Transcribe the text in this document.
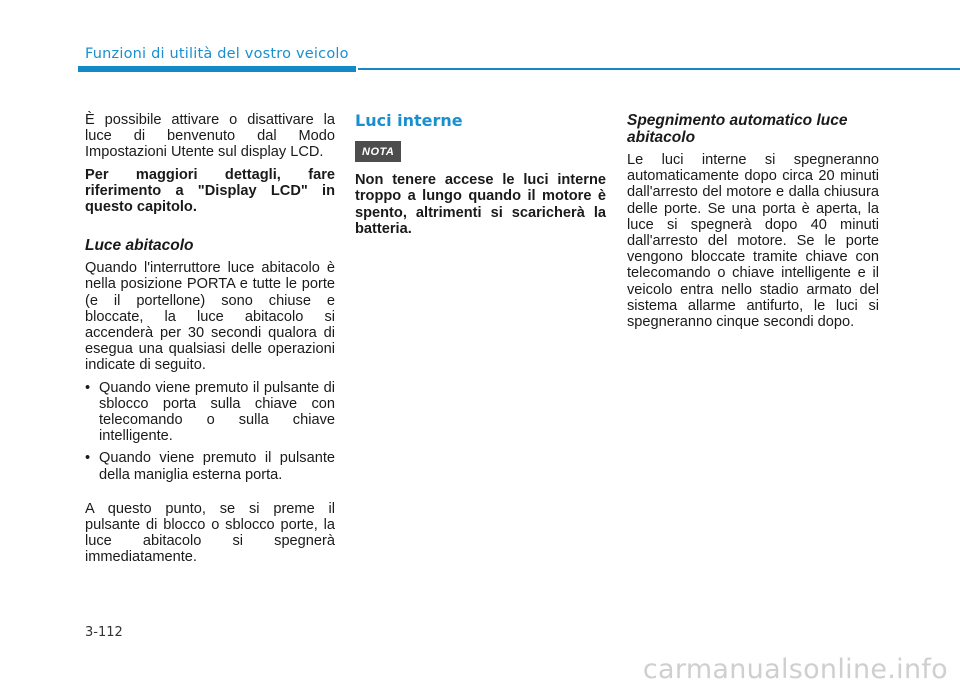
Funzioni di utilità del vostro veicolo

È possibile attivare o disattivare la luce di benvenuto dal Modo Impostazioni Utente sul display LCD.

Per maggiori dettagli, fare riferimento a "Display LCD" in questo capitolo.

Luce abitacolo

Quando l'interruttore luce abitacolo è nella posizione PORTA e tutte le porte (e il portellone) sono chiuse e bloccate, la luce abitacolo si accenderà per 30 secondi qualora di esegua una qualsiasi delle operazioni indicate di seguito.

• Quando viene premuto il pulsante di sblocco porta sulla chiave con telecomando o sulla chiave intelligente.

• Quando viene premuto il pulsante della maniglia esterna porta.

A questo punto, se si preme il pulsante di blocco o sblocco porte, la luce abitacolo si spegnerà immediatamente.

Luci interne

NOTA

Non tenere accese le luci interne troppo a lungo quando il motore è spento, altrimenti si scaricherà la batteria.

Spegnimento automatico luce abitacolo

Le luci interne si spegneranno automaticamente dopo circa 20 minuti dall'arresto del motore e dalla chiusura delle porte. Se una porta è aperta, la luce si spegnerà dopo 40 minuti dall'arresto del motore. Se le porte vengono bloccate tramite chiave con telecomando o chiave intelligente e il veicolo entra nello stadio armato del sistema allarme antifurto, le luci si spegneranno cinque secondi dopo.

3-112
carmanualsonline.info
